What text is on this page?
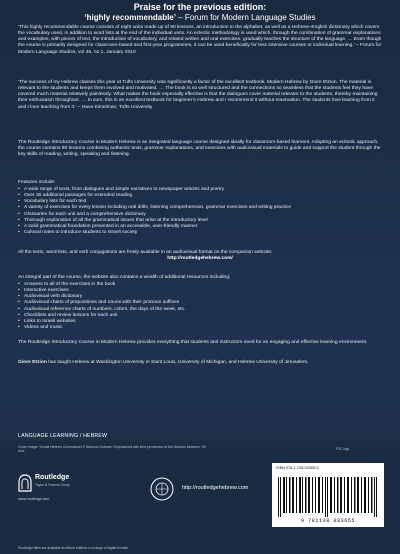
Praise for the previous edition:
‘highly recommendable’ – Forum for Modern Language Studies

‘This highly recommendable course consists of eight units made up of 90 lessons, an introduction to the alphabet, as well as a Hebrew–English dictionary which covers the vocabulary used, in addition to word lists at the end of the individual units. An eclectic methodology is used which, through the combination of grammar explanations and examples, with pieces of text, the introduction of vocabulary, and related written and oral exercises, gradually teaches the structure of the language. … Even though the course is primarily designed for classroom-based and first-year programmes, it can be used beneficially for less intensive courses or individual learning.’ – Forum for Modern Language Studies, vol 46, no 1, January 2010

‘The success of my Hebrew classes this year at Tufts University was significantly a factor of the excellent textbook, Modern Hebrew by Giore Etzion. The material is relevant to the students and keeps them involved and motivated. … The book is so well structured and the connections so seamless that the students feel they have covered much material relatively painlessly. What makes the book especially effective is that the dialogues cover material relevant to the students, thereby maintaining their enthusiasm throughout. … In sum, this is an excellent textbook for beginner’s Hebrew and I recommend it without reservation. The students love learning from it and I love teaching from it.’ – Hava Kimelman, Tufts University

The Routledge Introductory Course in Modern Hebrew is an integrated language course designed ideally for classroom-based learners. Adopting an eclectic approach, the course contains 90 lessons combining authentic texts, grammar explanations, and exercises with audiovisual materials to guide and support the student through the key skills of reading, writing, speaking and listening.

Features include:
• A wide range of texts, from dialogues and simple narratives to newspaper articles and poetry
• Over 30 additional passages for extended reading
• Vocabulary lists for each text
• A variety of exercises for every lesson including oral drills, listening comprehension, grammar exercises and writing practice
• Glossaries for each unit and a comprehensive dictionary
• Thorough explanation of all the grammatical issues that arise at the introductory level
• A solid grammatical foundation presented in an accessible, user-friendly manner
• Cultural notes to introduce students to Israeli society

All the texts, word-lists, and verb conjugations are freely available in an audiovisual format on the companion website:

http://routledgehebrew.com/

An integral part of the course, the website also contains a wealth of additional resources including:
• Answers to all of the exercises in the book
• Interactive exercises
• Audiovisual verb dictionary
• Audiovisual charts of prepositions and nouns with their pronoun suffixes
• Audiovisual reference charts of numbers, colors, the days of the week, etc.
• Checklists and review lessons for each unit
• Links to Israeli websites
• Videos and music

The Routledge Introductory Course in Modern Hebrew provides everything that students and instructors need for an engaging and effective learning environment.

Giore Etzion has taught Hebrew at Washington University in Saint Louis, University of Michigan, and Hebrew University of Jerusalem.

LANGUAGE LEARNING / HEBREW
Cover image: Yerulia Hebrew Commission © Nachum Gutman. Reproduced with kind permission of the Gutman Museum, Tel Aviv.
Routledge
Taylor & Francis Group
www.routledge.com
http://routledgehebrew.com
Routledge titles are available as eBook editions in a range of digital formats
FSC logo
ISBN 978-1-138-08365-5
9 781138 083655
